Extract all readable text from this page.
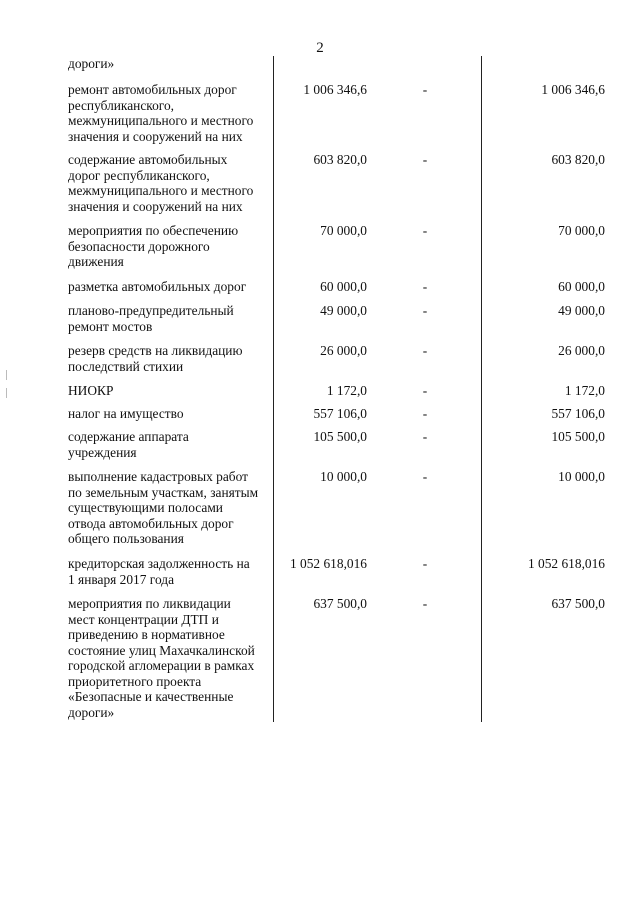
2
дороги»
ремонт автомобильных дорог
республиканского,
межмуниципального и местного
значения и сооружений на них
1 006 346,6	-	1 006 346,6
содержание автомобильных
дорог республиканского,
межмуниципального и местного
значения и сооружений на них
603 820,0	-	603 820,0
мероприятия по обеспечению
безопасности дорожного
движения
70 000,0	-	70 000,0
разметка автомобильных дорог	60 000,0	-	60 000,0
планово-предупредительный
ремонт мостов
49 000,0	-	49 000,0
резерв средств на ликвидацию
последствий стихии
26 000,0	-	26 000,0
НИОКР	1 172,0	-	1 172,0
налог на имущество	557 106,0	-	557 106,0
содержание аппарата
учреждения
105 500,0	-	105 500,0
выполнение кадастровых работ
по земельным участкам, занятым
существующими полосами
отвода автомобильных дорог
общего пользования
10 000,0	-	10 000,0
кредиторская задолженность на
1 января 2017 года
1 052 618,016	-	1 052 618,016
мероприятия по ликвидации
мест концентрации ДТП и
приведению в нормативное
состояние улиц Махачкалинской
городской агломерации в рамках
приоритетного проекта
«Безопасные и качественные
дороги»
637 500,0	-	637 500,0
